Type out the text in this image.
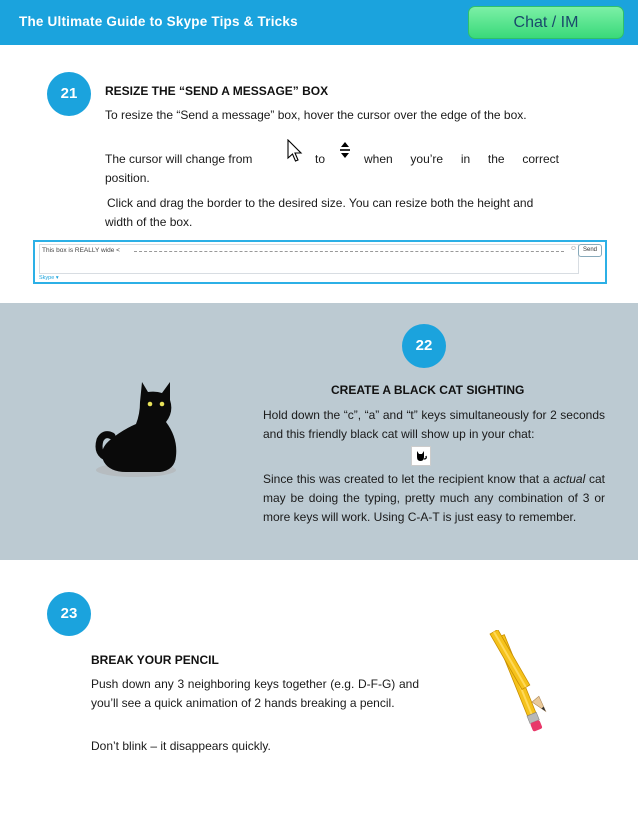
The Ultimate Guide to Skype Tips & Tricks	Chat / IM
21	RESIZE THE “SEND A MESSAGE” BOX
To resize the “Send a message” box, hover the cursor over the edge of the box.
The cursor will change from	to	when you’re in the correct
position.
Click and drag the border to the desired size. You can resize both the height and width of the box.
This box is REALLY wide <	☺ Send
Skype ▾
22
CREATE A BLACK CAT SIGHTING
Hold down the “c”, “a” and “t” keys simultaneously for 2 seconds and this friendly black cat will show up in your chat:
Since this was created to let the recipient know that a actual cat may be doing the typing, pretty much any combination of 3 or more keys will work. Using C-A-T is just easy to remember.
23
BREAK YOUR PENCIL
Push down any 3 neighboring keys together (e.g. D-F-G) and you’ll see a quick animation of 2 hands breaking a pencil.
Don’t blink – it disappears quickly.
